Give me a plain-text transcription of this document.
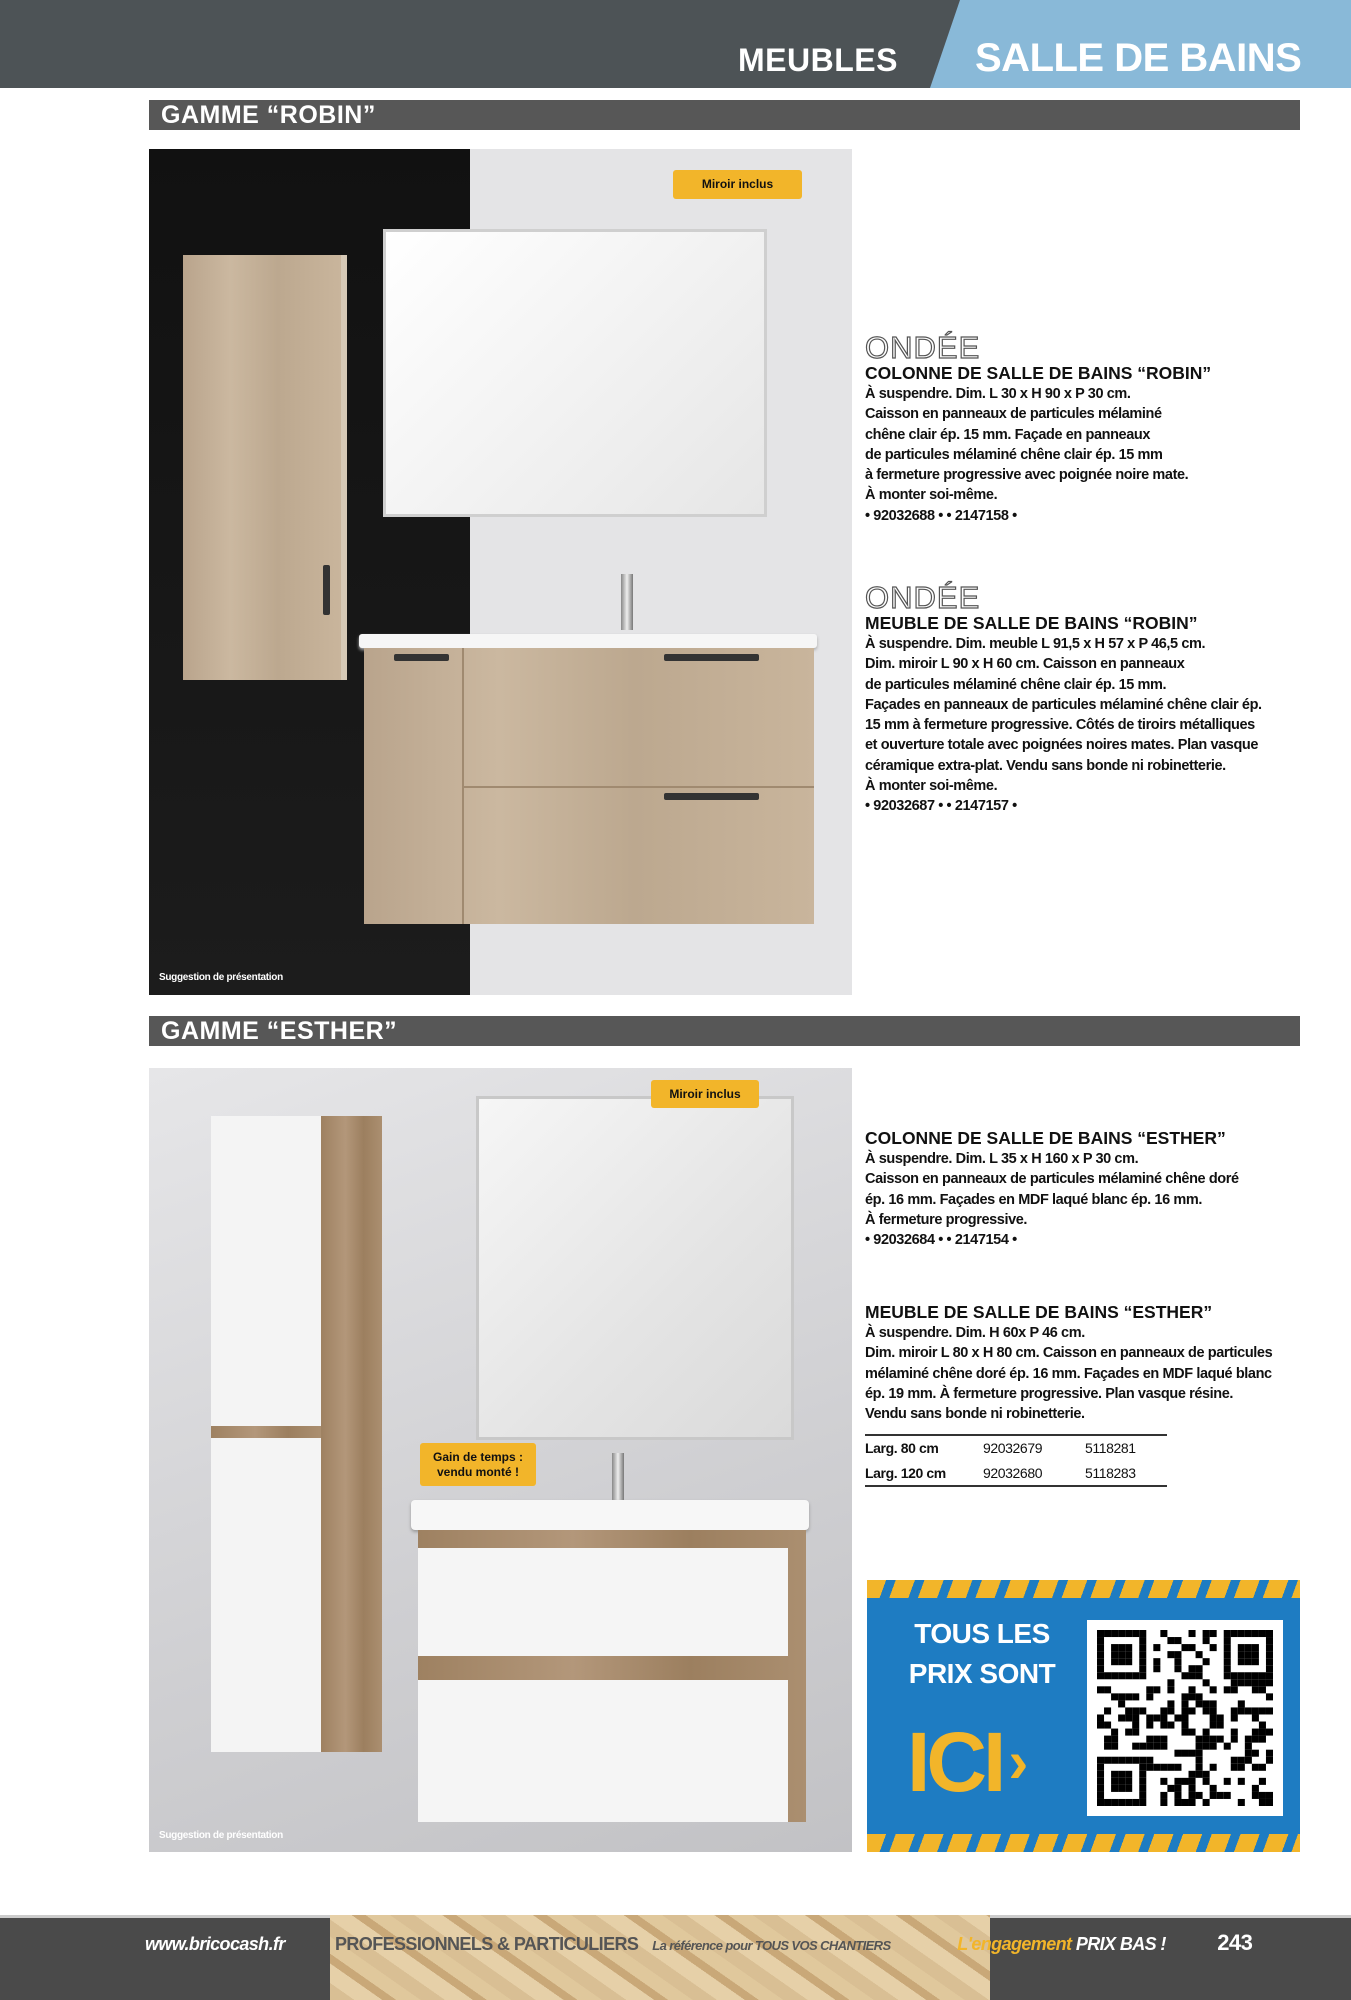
MEUBLES SALLE DE BAINS
GAMME “ROBIN”
Miroir inclus
Suggestion de présentation
ONDÉE
COLONNE DE SALLE DE BAINS “ROBIN”
À suspendre. Dim. L 30 x H 90 x P 30 cm.
Caisson en panneaux de particules mélaminé
chêne clair ép. 15 mm. Façade en panneaux
de particules mélaminé chêne clair ép. 15 mm
à fermeture progressive avec poignée noire mate.
À monter soi-même.
• 92032688 • • 2147158 •
ONDÉE
MEUBLE DE SALLE DE BAINS “ROBIN”
À suspendre. Dim. meuble L 91,5 x H 57 x P 46,5 cm.
Dim. miroir L 90 x H 60 cm. Caisson en panneaux
de particules mélaminé chêne clair ép. 15 mm.
Façades en panneaux de particules mélaminé chêne clair ép.
15 mm à fermeture progressive. Côtés de tiroirs métalliques
et ouverture totale avec poignées noires mates. Plan vasque
céramique extra-plat. Vendu sans bonde ni robinetterie.
À monter soi-même.
• 92032687 • • 2147157 •
GAMME “ESTHER”
Miroir inclus
Gain de temps :
vendu monté !
Suggestion de présentation
COLONNE DE SALLE DE BAINS “ESTHER”
À suspendre. Dim. L 35 x H 160 x P 30 cm.
Caisson en panneaux de particules mélaminé chêne doré
ép. 16 mm. Façades en MDF laqué blanc ép. 16 mm.
À fermeture progressive.
• 92032684 • • 2147154 •
MEUBLE DE SALLE DE BAINS “ESTHER”
À suspendre. Dim. H 60x P 46 cm.
Dim. miroir L 80 x H 80 cm. Caisson en panneaux de particules
mélaminé chêne doré ép. 16 mm. Façades en MDF laqué blanc
ép. 19 mm. À fermeture progressive. Plan vasque résine.
Vendu sans bonde ni robinetterie.
Larg. 80 cm	92032679	5118281
Larg. 120 cm	92032680	5118283
TOUS LES
PRIX SONT
ICI ›
www.bricocash.fr	PROFESSIONNELS & PARTICULIERS La référence pour TOUS VOS CHANTIERS	L'engagement PRIX BAS !	243
